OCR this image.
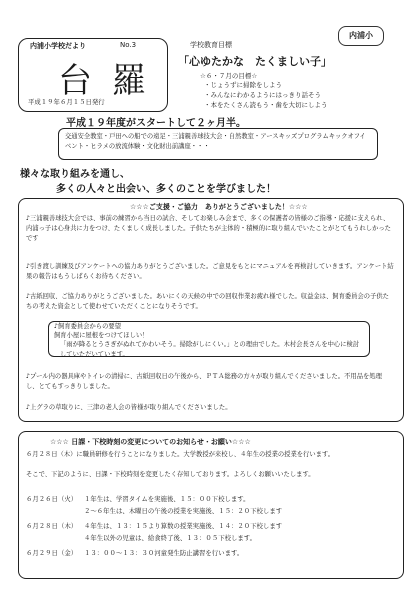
内浦小
内浦小学校だより	No.3
台羅
平成１９年６月１５日発行
学校教育目標
「心ゆたかな　たくましい子」
☆６・７月の目標☆
・じょうずに掃除をしよう
・みんなにわかるようにはっきり話そう
・本をたくさん読もう・歯を大切にしよう
平成１９年度がスタートして２ヶ月半。
交通安全教室・戸田への船での遠足・三浦親善球技大会・自然教室・アースキッズプログラムキックオフイベント・ヒラメの放流体験・文化財出前講座・・・
様々な取り組みを通し、
多くの人々と出会い、多くのことを学びました！
☆☆☆ご支援・ご協力　ありがとうございました！☆☆☆
♪三浦親善球技大会では、事前の練習から当日の試合、そしてお楽しみ会まで、多くの保護者の皆様のご指導・応援に支えられ、内浦っ子は心身共に力をつけ、たくましく成長しました。子供たちが主体的・積極的に取り組んでいたことがとてもうれしかったです
♪引き渡し訓練及びアンケートへの協力ありがとうございました。ご意見をもとにマニュアルを再検討していきます。アンケート結果の報告はもうしばらくお待ちください。
♪古紙回収、ご協力ありがとうございました。あいにくの天候の中での回収作業お疲れ様でした。収益金は、飼育委員会の子供たちの考えた資金として使わせていただくことになりそうです。
♪飼育委員会からの要望
飼育小屋に屋根をつけてほしい！
「雨が降るとうさぎがぬれてかわいそう。掃除がしにくい。」との理由でした。木村会長さんを中心に検討していただいています。
♪プール内の器具庫やトイレの清掃に、古紙回収日の午後から、ＰＴＡ総務の方々が取り組んでくださいました。不用品を処理し、とてもすっきりしました。
♪上グラの草取りに、三津の老人会の皆様が取り組んでくださいました。
☆☆☆ 日課・下校時刻の変更についてのお知らせ・お願い☆☆☆
６月２８日（木）に職員研修を行うことになりました。大学教授が来校し、４年生の授業の授業を行います。
そこで、下記のように、日課・下校時刻を変更したく存知しております。よろしくお願いいたします。
６月２６日（火） １年生は、学習タイムを実施後、１５：００下校します。
２〜６年生は、木曜日の午後の授業を実施後、１５：２０下校します
６月２８日（木） ４年生は、１３：１５より算数の授業実施後、１４：２０下校します
４年生以外の児童は、給食終了後、１３：０５下校します。
６月２９日（金） １３：００〜１３：３０河童発生防止講習を行います。
